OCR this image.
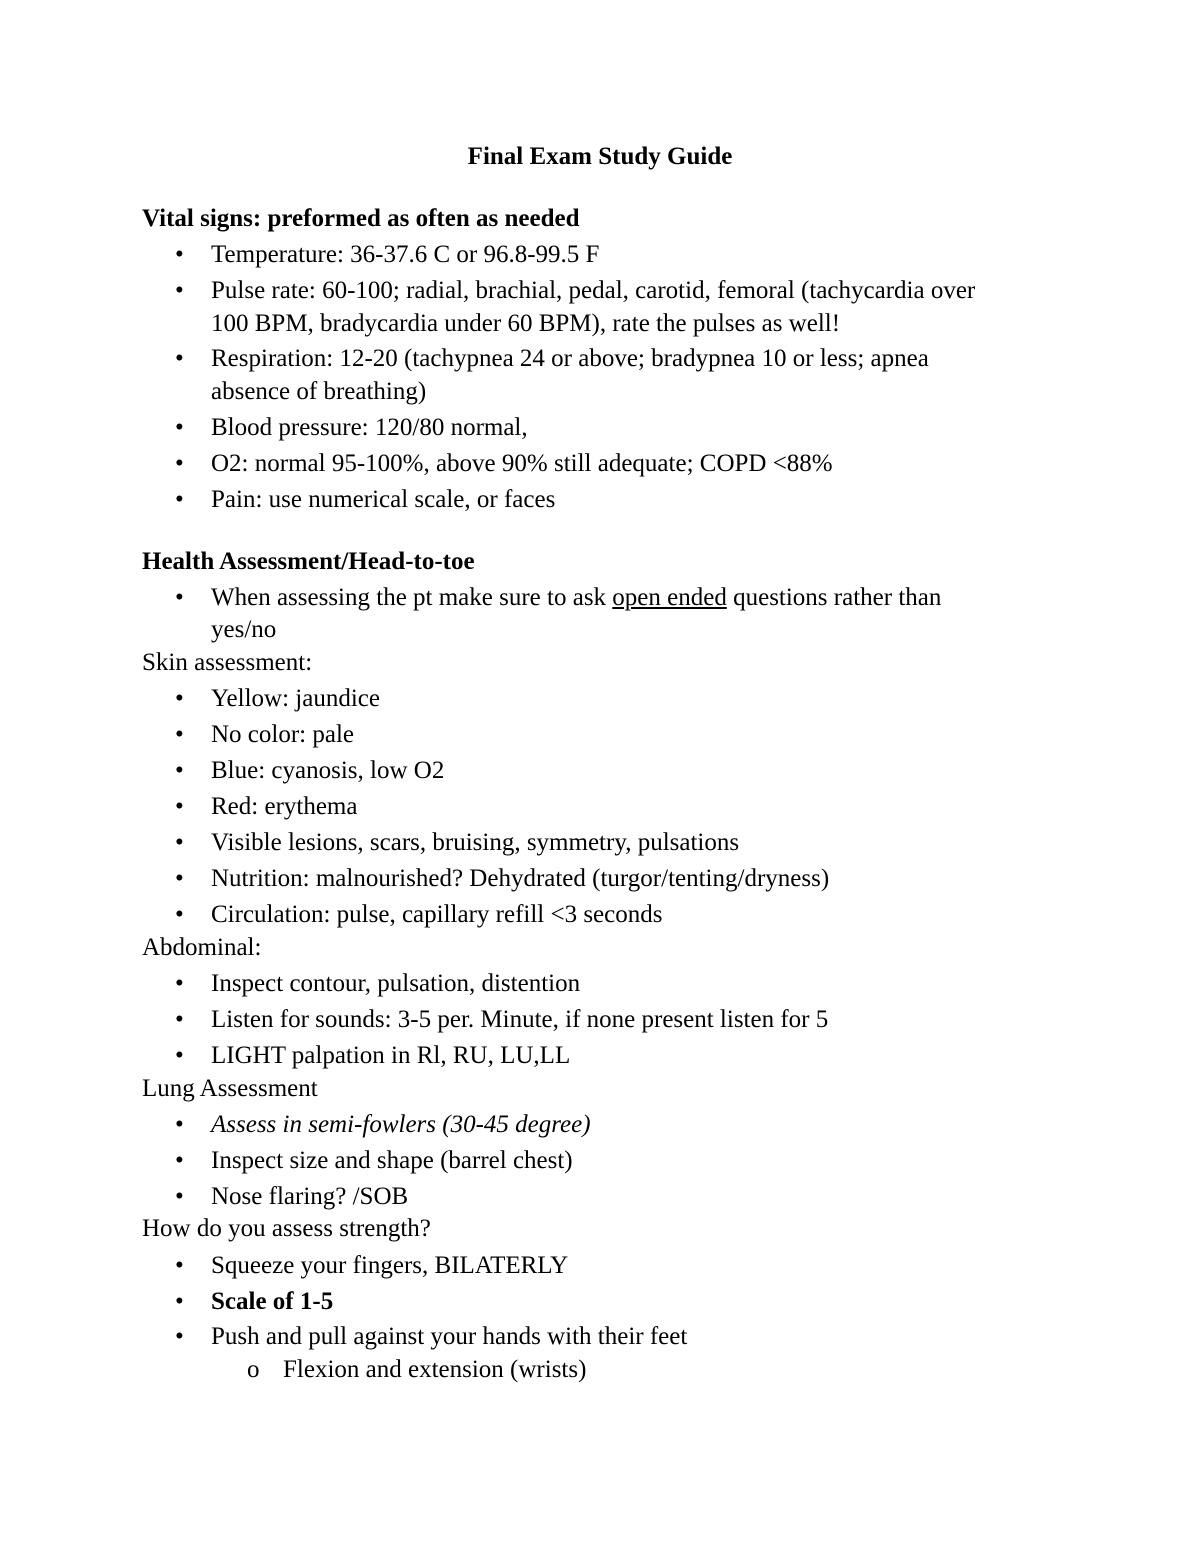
Final Exam Study Guide
Vital signs: preformed as often as needed
• Temperature: 36-37.6 C or 96.8-99.5 F
• Pulse rate: 60-100; radial, brachial, pedal, carotid, femoral (tachycardia over
100 BPM, bradycardia under 60 BPM), rate the pulses as well!
• Respiration: 12-20 (tachypnea 24 or above; bradypnea 10 or less; apnea
absence of breathing)
• Blood pressure: 120/80 normal,
• O2: normal 95-100%, above 90% still adequate; COPD <88%
• Pain: use numerical scale, or faces
Health Assessment/Head-to-toe
• When assessing the pt make sure to ask open ended questions rather than
yes/no
Skin assessment:
• Yellow: jaundice
• No color: pale
• Blue: cyanosis, low O2
• Red: erythema
• Visible lesions, scars, bruising, symmetry, pulsations
• Nutrition: malnourished? Dehydrated (turgor/tenting/dryness)
• Circulation: pulse, capillary refill <3 seconds
Abdominal:
• Inspect contour, pulsation, distention
• Listen for sounds: 3-5 per. Minute, if none present listen for 5
• LIGHT palpation in Rl, RU, LU,LL
Lung Assessment
• Assess in semi-fowlers (30-45 degree)
• Inspect size and shape (barrel chest)
• Nose flaring? /SOB
How do you assess strength?
• Squeeze your fingers, BILATERLY
• Scale of 1-5
• Push and pull against your hands with their feet
o Flexion and extension (wrists)
